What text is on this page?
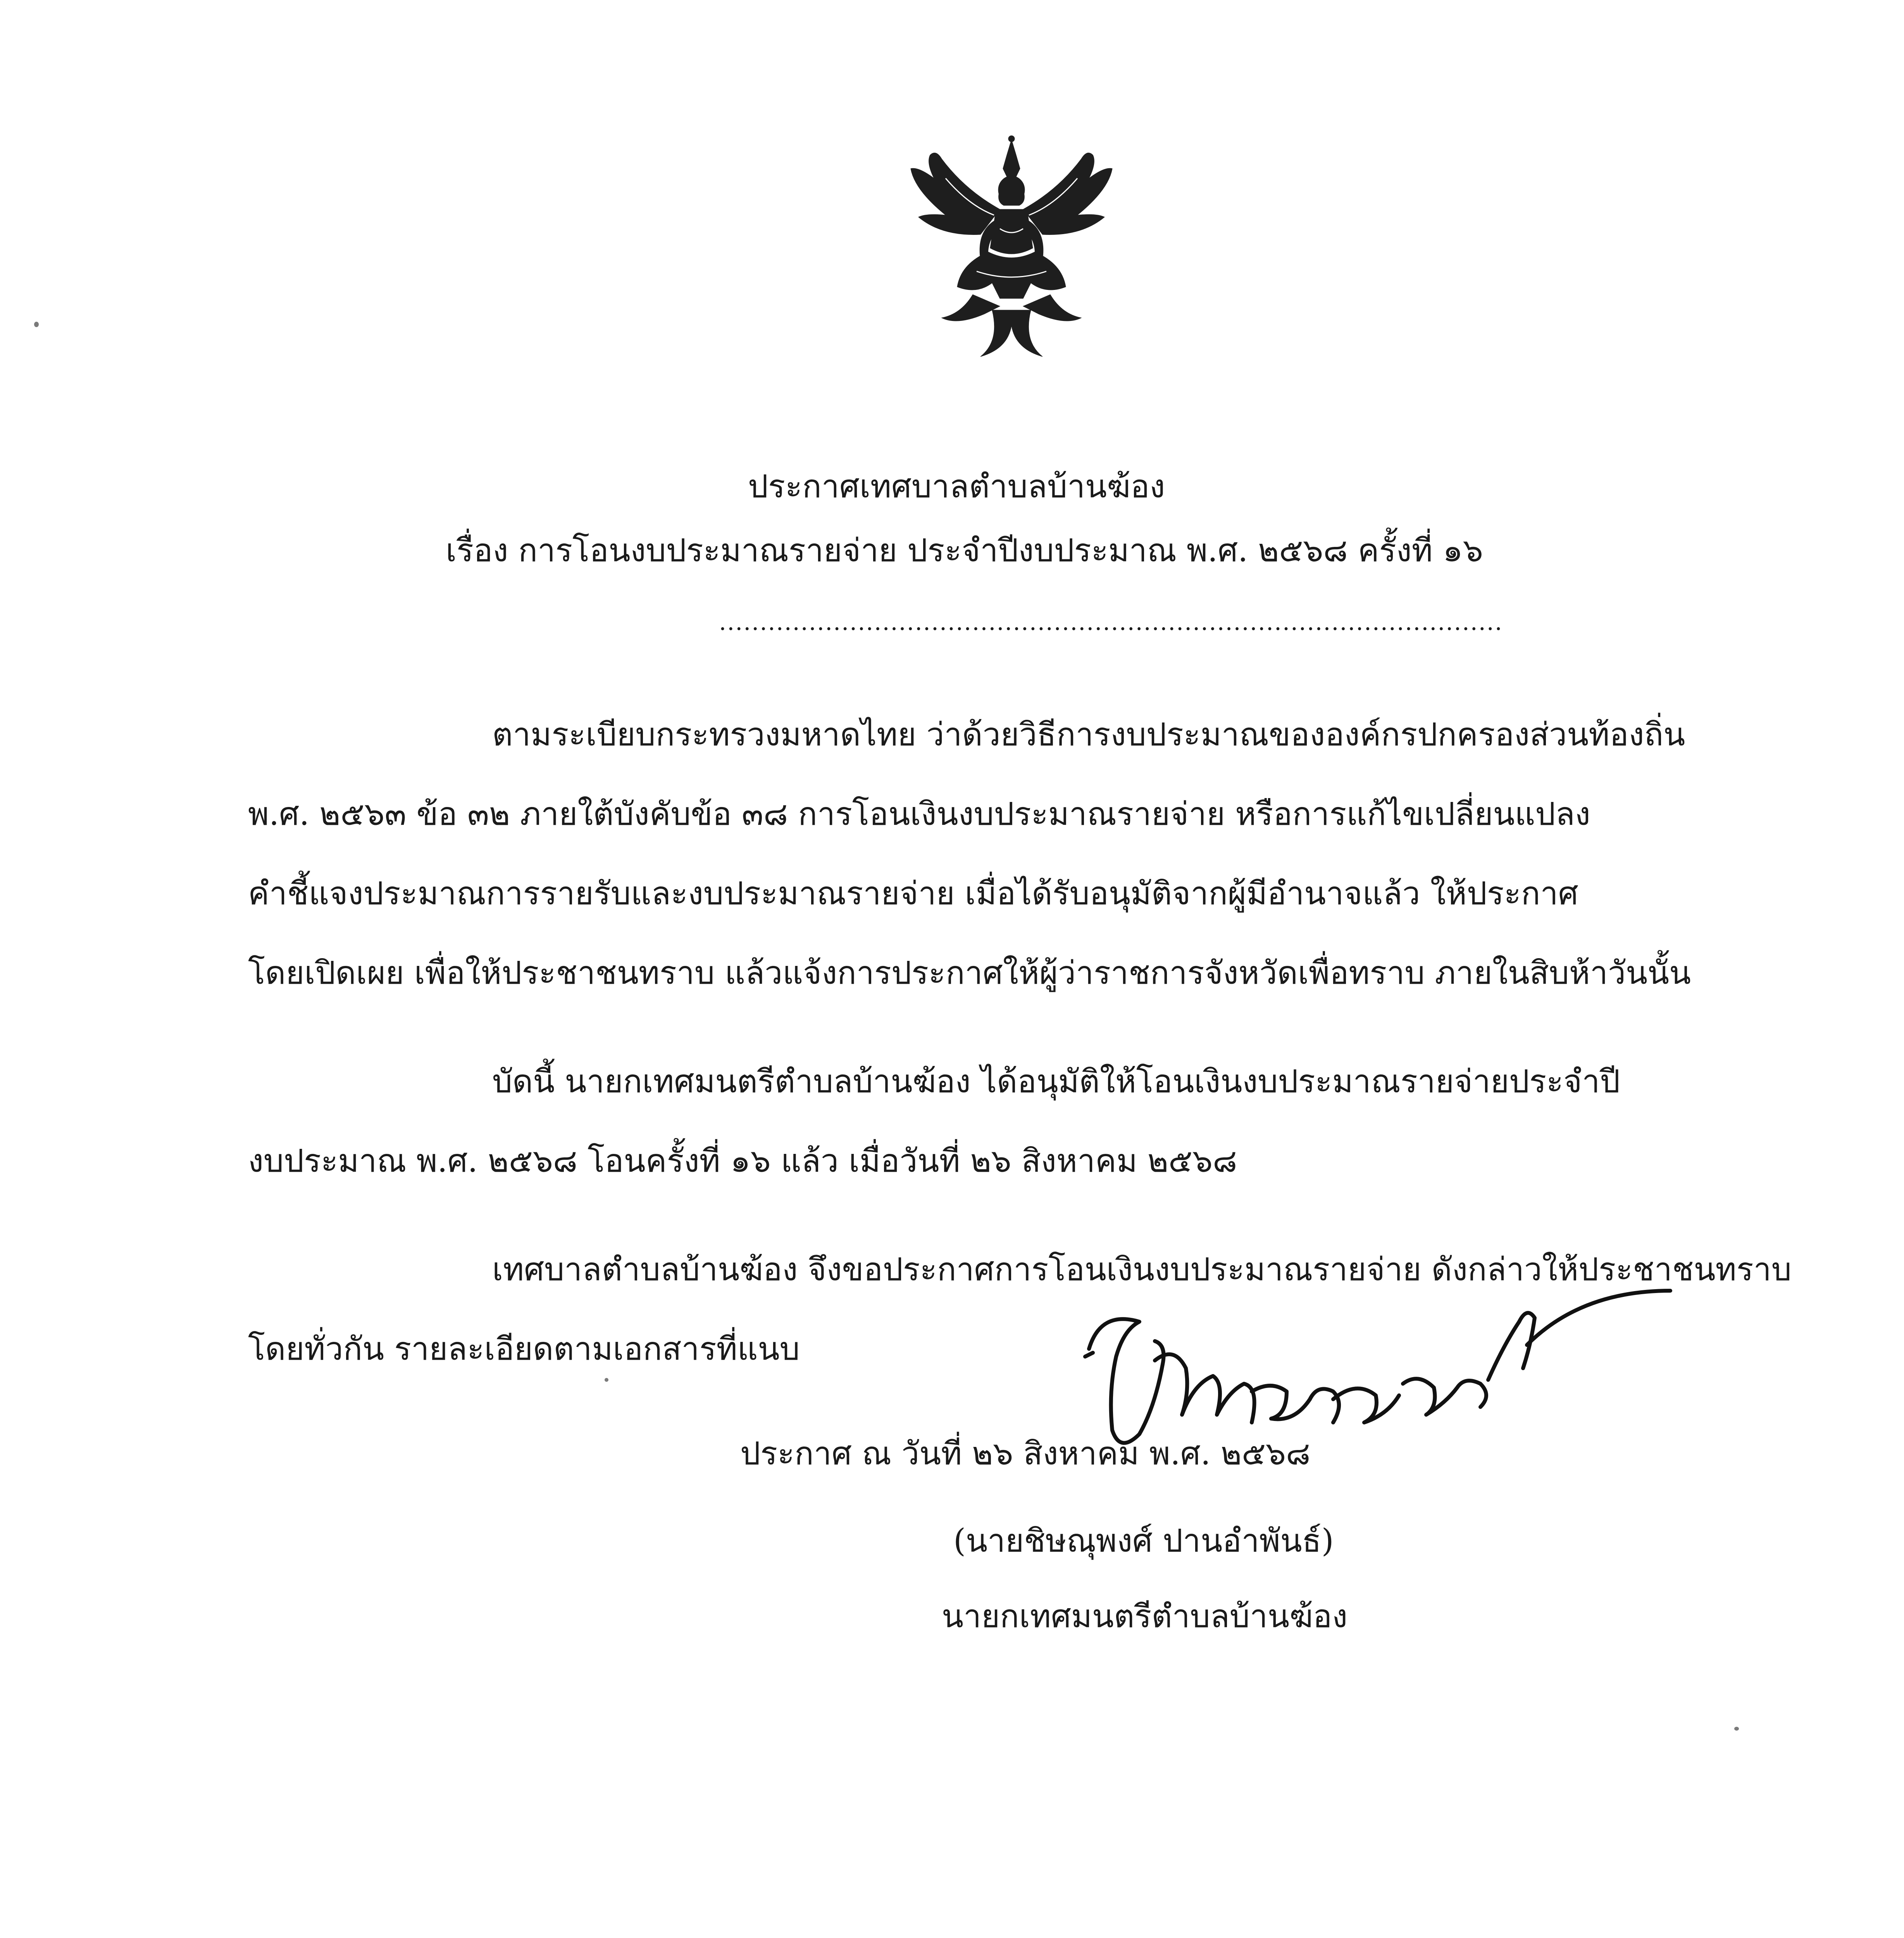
ประกาศเทศบาลตำบลบ้านฆ้อง
เรื่อง การโอนงบประมาณรายจ่าย ประจำปีงบประมาณ พ.ศ. ๒๕๖๘ ครั้งที่ ๑๖
................................................................................................
ตามระเบียบกระทรวงมหาดไทย ว่าด้วยวิธีการงบประมาณขององค์กรปกครองส่วนท้องถิ่น
พ.ศ. ๒๕๖๓ ข้อ ๓๒ ภายใต้บังคับข้อ ๓๘ การโอนเงินงบประมาณรายจ่าย หรือการแก้ไขเปลี่ยนแปลง
คำชี้แจงประมาณการรายรับและงบประมาณรายจ่าย เมื่อได้รับอนุมัติจากผู้มีอำนาจแล้ว ให้ประกาศ
โดยเปิดเผย เพื่อให้ประชาชนทราบ แล้วแจ้งการประกาศให้ผู้ว่าราชการจังหวัดเพื่อทราบ ภายในสิบห้าวันนั้น
บัดนี้ นายกเทศมนตรีตำบลบ้านฆ้อง ได้อนุมัติให้โอนเงินงบประมาณรายจ่ายประจำปี
งบประมาณ พ.ศ. ๒๕๖๘ โอนครั้งที่ ๑๖ แล้ว เมื่อวันที่ ๒๖ สิงหาคม ๒๕๖๘
เทศบาลตำบลบ้านฆ้อง จึงขอประกาศการโอนเงินงบประมาณรายจ่าย ดังกล่าวให้ประชาชนทราบ
โดยทั่วกัน รายละเอียดตามเอกสารที่แนบ
ประกาศ ณ วันที่ ๒๖ สิงหาคม พ.ศ. ๒๕๖๘
(นายชิษณุพงศ์ ปานอำพันธ์)
นายกเทศมนตรีตำบลบ้านฆ้อง
